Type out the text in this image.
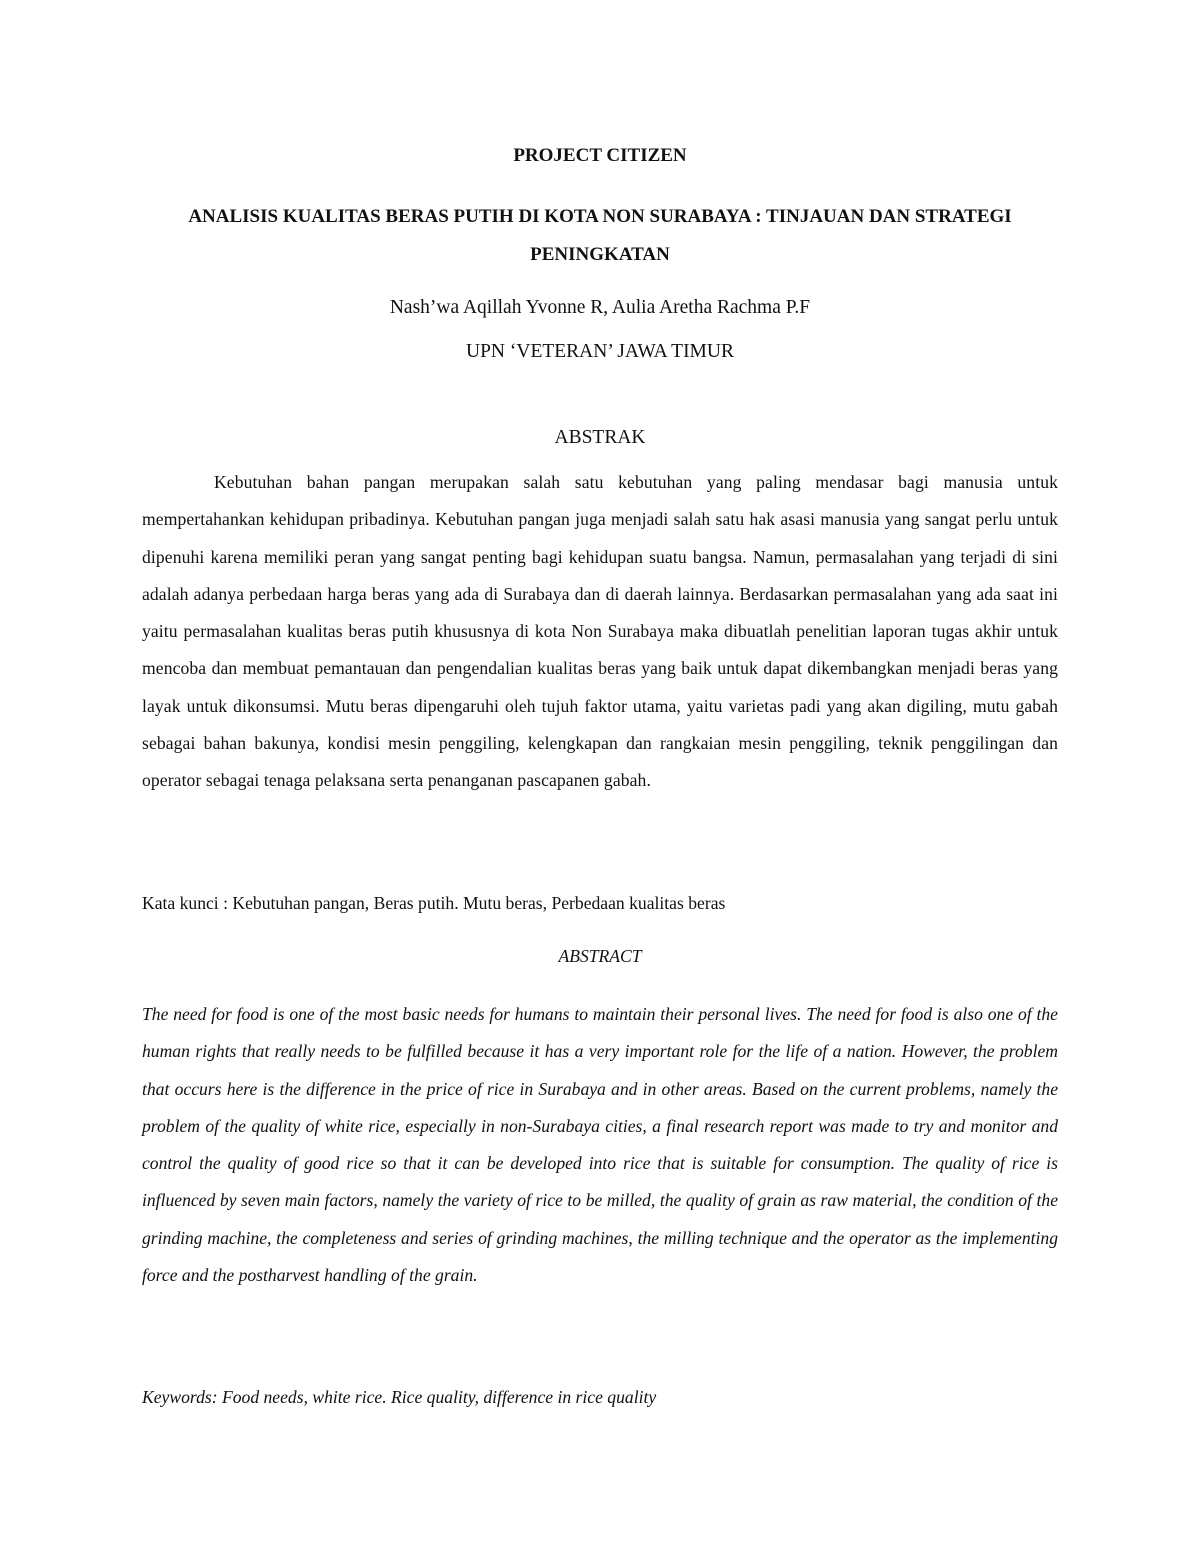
PROJECT CITIZEN

ANALISIS KUALITAS BERAS PUTIH DI KOTA NON SURABAYA : TINJAUAN DAN STRATEGI PENINGKATAN

Nash’wa Aqillah Yvonne R, Aulia Aretha Rachma P.F

UPN ‘VETERAN’ JAWA TIMUR

ABSTRAK

Kebutuhan bahan pangan merupakan salah satu kebutuhan yang paling mendasar bagi manusia untuk mempertahankan kehidupan pribadinya. Kebutuhan pangan juga menjadi salah satu hak asasi manusia yang sangat perlu untuk dipenuhi karena memiliki peran yang sangat penting bagi kehidupan suatu bangsa. Namun, permasalahan yang terjadi di sini adalah adanya perbedaan harga beras yang ada di Surabaya dan di daerah lainnya. Berdasarkan permasalahan yang ada saat ini yaitu permasalahan kualitas beras putih khususnya di kota Non Surabaya maka dibuatlah penelitian laporan tugas akhir untuk mencoba dan membuat pemantauan dan pengendalian kualitas beras yang baik untuk dapat dikembangkan menjadi beras yang layak untuk dikonsumsi. Mutu beras dipengaruhi oleh tujuh faktor utama, yaitu varietas padi yang akan digiling, mutu gabah sebagai bahan bakunya, kondisi mesin penggiling, kelengkapan dan rangkaian mesin penggiling, teknik penggilingan dan operator sebagai tenaga pelaksana serta penanganan pascapanen gabah.

Kata kunci : Kebutuhan pangan, Beras putih. Mutu beras, Perbedaan kualitas beras

ABSTRACT

The need for food is one of the most basic needs for humans to maintain their personal lives. The need for food is also one of the human rights that really needs to be fulfilled because it has a very important role for the life of a nation. However, the problem that occurs here is the difference in the price of rice in Surabaya and in other areas. Based on the current problems, namely the problem of the quality of white rice, especially in non-Surabaya cities, a final research report was made to try and monitor and control the quality of good rice so that it can be developed into rice that is suitable for consumption. The quality of rice is influenced by seven main factors, namely the variety of rice to be milled, the quality of grain as raw material, the condition of the grinding machine, the completeness and series of grinding machines, the milling technique and the operator as the implementing force and the postharvest handling of the grain.

Keywords: Food needs, white rice. Rice quality, difference in rice quality
